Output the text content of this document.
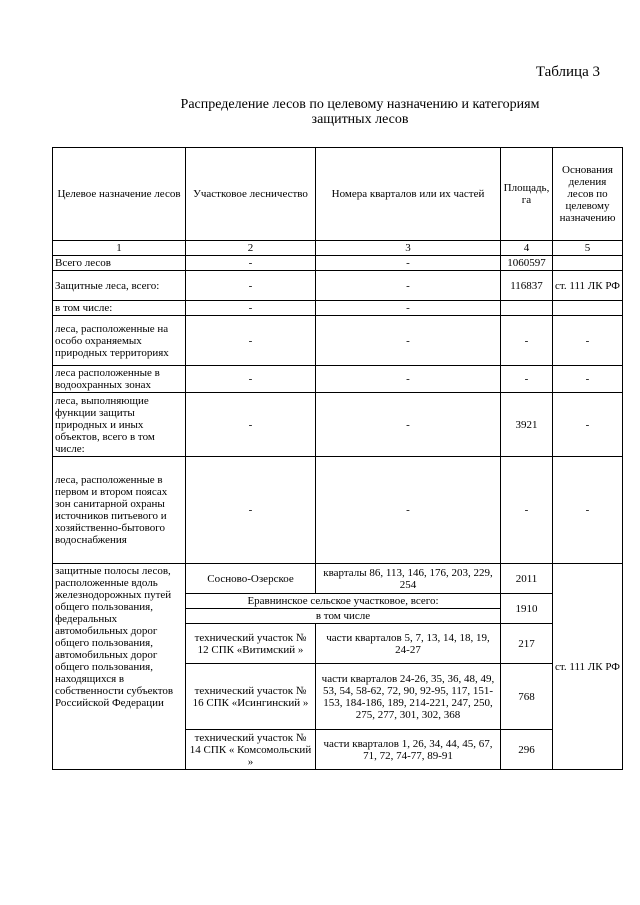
Таблица 3
Распределение лесов по целевому назначению и категориям
защитных лесов
Целевое назначение лесов	Участковое лесничество	Номера кварталов или их частей	Площадь, га	Основания деления лесов по целевому назначению
1	2	3	4	5
Всего лесов	-	-	1060597	
Защитные леса, всего:	-	-	116837	ст. 111 ЛК РФ
в том числе:	-	-		
леса, расположенные на особо охраняемых природных территориях	-	-	-	-
леса расположенные в водоохранных зонах	-	-	-	-
леса, выполняющие функции защиты природных и иных объектов, всего в том числе:	-	-	3921	-
леса, расположенные в первом и втором поясах зон санитарной охраны источников питьевого и хозяйственно-бытового водоснабжения	-	-	-	-
защитные полосы лесов, расположенные вдоль железнодорожных путей общего пользования, федеральных автомобильных дорог общего пользования, автомобильных дорог общего пользования, находящихся в собственности субъектов Российской Федерации	Сосново-Озерское	кварталы 86, 113, 146, 176, 203, 229, 254	2011	ст. 111 ЛК РФ
	Еравнинское сельское участковое, всего:		1910	
	в том числе			
	технический участок № 12 СПК «Витимский »	части кварталов 5, 7, 13, 14, 18, 19, 24-27	217	
	технический участок № 16 СПК «Исингинский »	части кварталов 24-26, 35, 36, 48, 49, 53, 54, 58-62, 72, 90, 92-95, 117, 151-153, 184-186, 189, 214-221, 247, 250, 275, 277, 301, 302, 368	768	
	технический участок № 14 СПК « Комсомольский »	части кварталов 1, 26, 34, 44, 45, 67, 71, 72, 74-77, 89-91	296	
